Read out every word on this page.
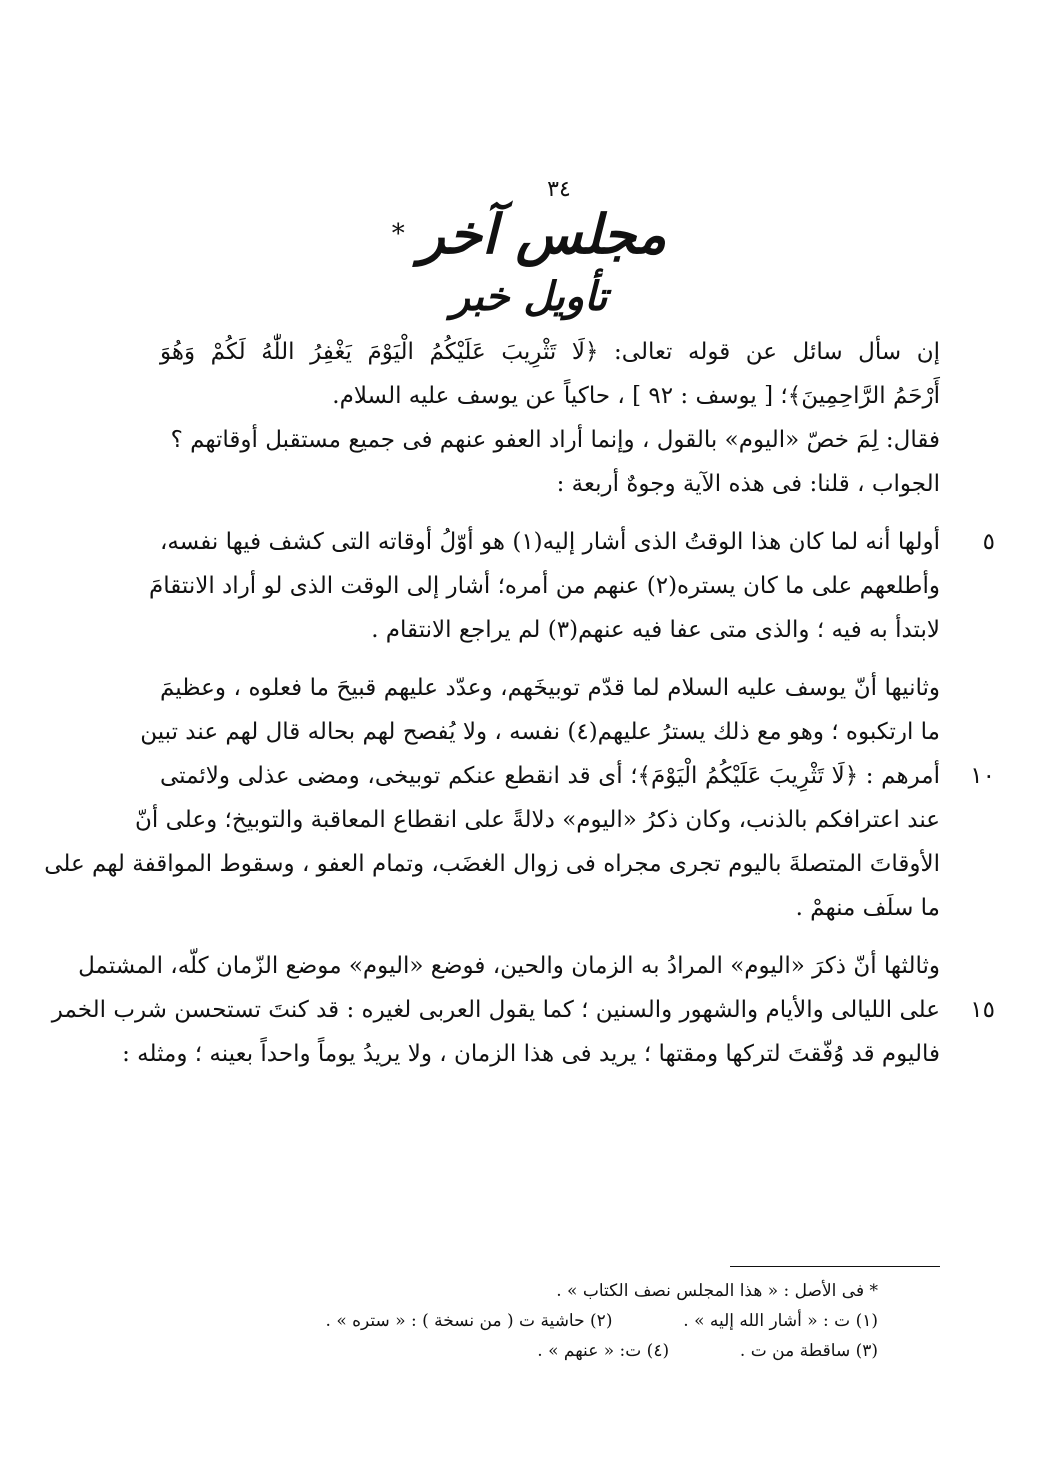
٣٤
مجلس آخر
*
تأويل خبر
إن سأل سائل عن قوله تعالى: ﴿لَا تَثْرِيبَ عَلَيْكُمُ الْيَوْمَ يَغْفِرُ اللّٰهُ لَكُمْ وَهُوَ
أَرْحَمُ الرَّاحِمِينَ﴾؛ [ يوسف : ٩٢ ] ، حاكياً عن يوسف عليه السلام.
فقال: لِمَ خصّ «اليوم» بالقول ، وإنما أراد العفو عنهم فى جميع مستقبل أوقاتهم ؟
الجواب ، قلنا: فى هذه الآية وجوهٌ أربعة :
٥
أولها أنه لما كان هذا الوقتُ الذى أشار إليه(١) هو أوّلُ أوقاته التى كشف فيها نفسه،
وأطلعهم على ما كان يستره(٢) عنهم من أمره؛ أشار إلى الوقت الذى لو أراد الانتقامَ
لابتدأ به فيه ؛ والذى متى عفا فيه عنهم(٣) لم يراجع الانتقام .
وثانيها أنّ يوسف عليه السلام لما قدّم توبيخَهم، وعدّد عليهم قبيحَ ما فعلوه ، وعظيمَ
ما ارتكبوه ؛ وهو مع ذلك يسترُ عليهم(٤) نفسه ، ولا يُفصح لهم بحاله قال لهم عند تبين
١٠
أمرهم : ﴿لَا تَثْرِيبَ عَلَيْكُمُ الْيَوْمَ﴾؛ أى قد انقطع عنكم توبيخى، ومضى عذلى ولائمتى
عند اعترافكم بالذنب، وكان ذكرُ «اليوم» دلالةً على انقطاع المعاقبة والتوبيخ؛ وعلى أنّ
الأوقاتَ المتصلةَ باليوم تجرى مجراه فى زوال الغضَب، وتمام العفو ، وسقوط المواقفة لهم على
ما سلَف منهمْ .
وثالثها أنّ ذكرَ «اليوم» المرادُ به الزمان والحين، فوضع «اليوم» موضع الزّمان كلّه، المشتمل
١٥
على الليالى والأيام والشهور والسنين ؛ كما يقول العربى لغيره : قد كنتَ تستحسن شرب الخمر
فاليوم قد وُفّقتَ لتركها ومقتها ؛ يريد فى هذا الزمان ، ولا يريدُ يوماً واحداً بعينه ؛ ومثله :
* فى الأصل : « هذا المجلس نصف الكتاب » .
(١) ت : « أشار الله إليه » .  (٢) حاشية ت ( من نسخة ) : « ستره » .
(٣) ساقطة من ت .  (٤) ت: « عنهم » .
